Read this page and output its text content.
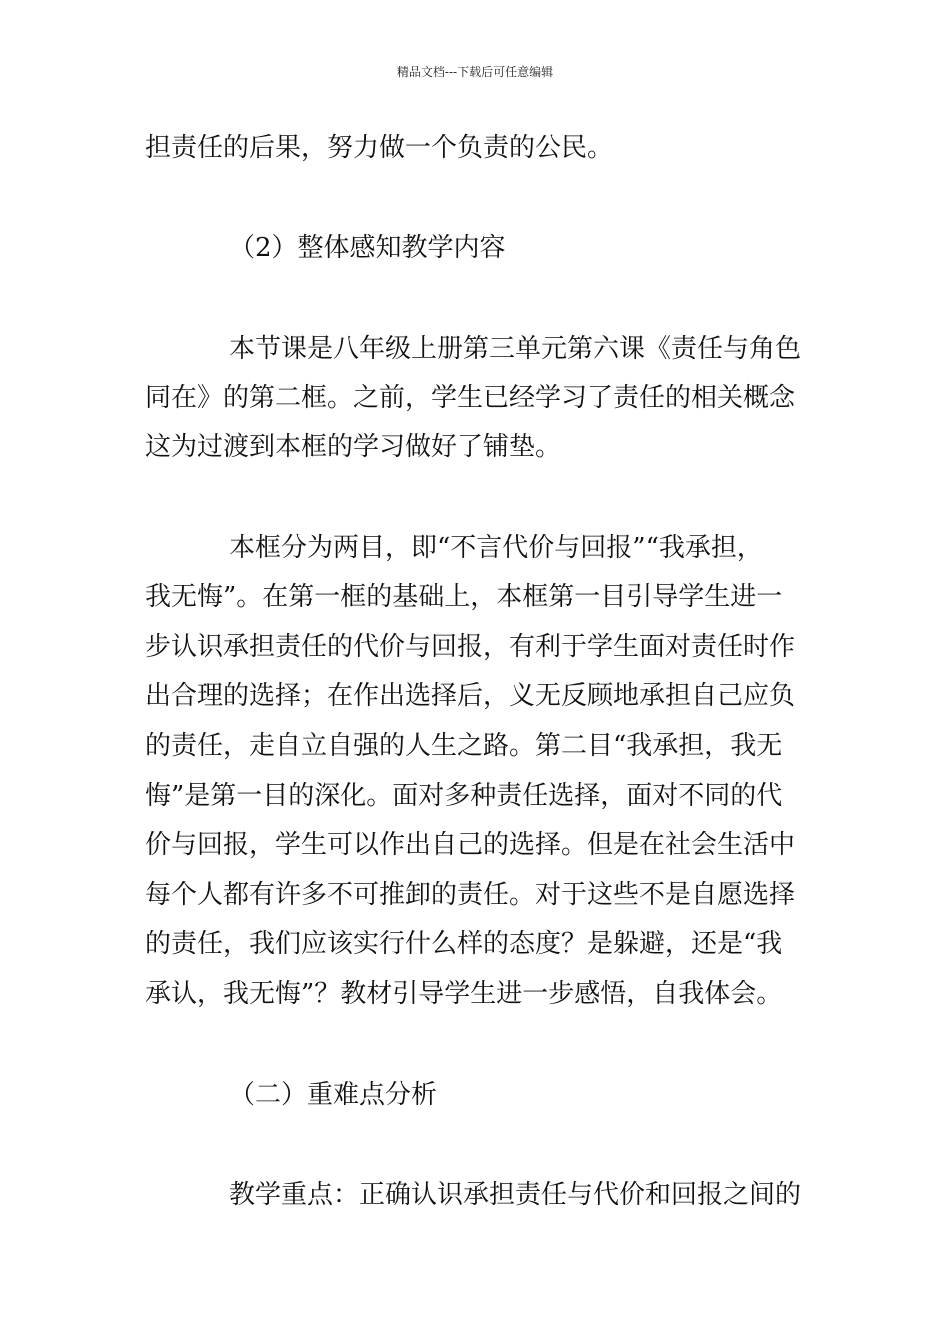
精品文档---下载后可任意编辑
担责任的后果，努力做一个负责的公民。
（2）整体感知教学内容
本节课是八年级上册第三单元第六课《责任与角色
同在》的第二框。之前，学生已经学习了责任的相关概念
这为过渡到本框的学习做好了铺垫。
本框分为两目，即“不言代价与回报”“我承担，
我无悔”。在第一框的基础上，本框第一目引导学生进一
步认识承担责任的代价与回报，有利于学生面对责任时作
出合理的选择；在作出选择后，义无反顾地承担自己应负
的责任，走自立自强的人生之路。第二目“我承担，我无
悔”是第一目的深化。面对多种责任选择，面对不同的代
价与回报，学生可以作出自己的选择。但是在社会生活中
每个人都有许多不可推卸的责任。对于这些不是自愿选择
的责任，我们应该实行什么样的态度？是躲避，还是“我
承认，我无悔”？教材引导学生进一步感悟，自我体会。
（二）重难点分析
教学重点：正确认识承担责任与代价和回报之间的
